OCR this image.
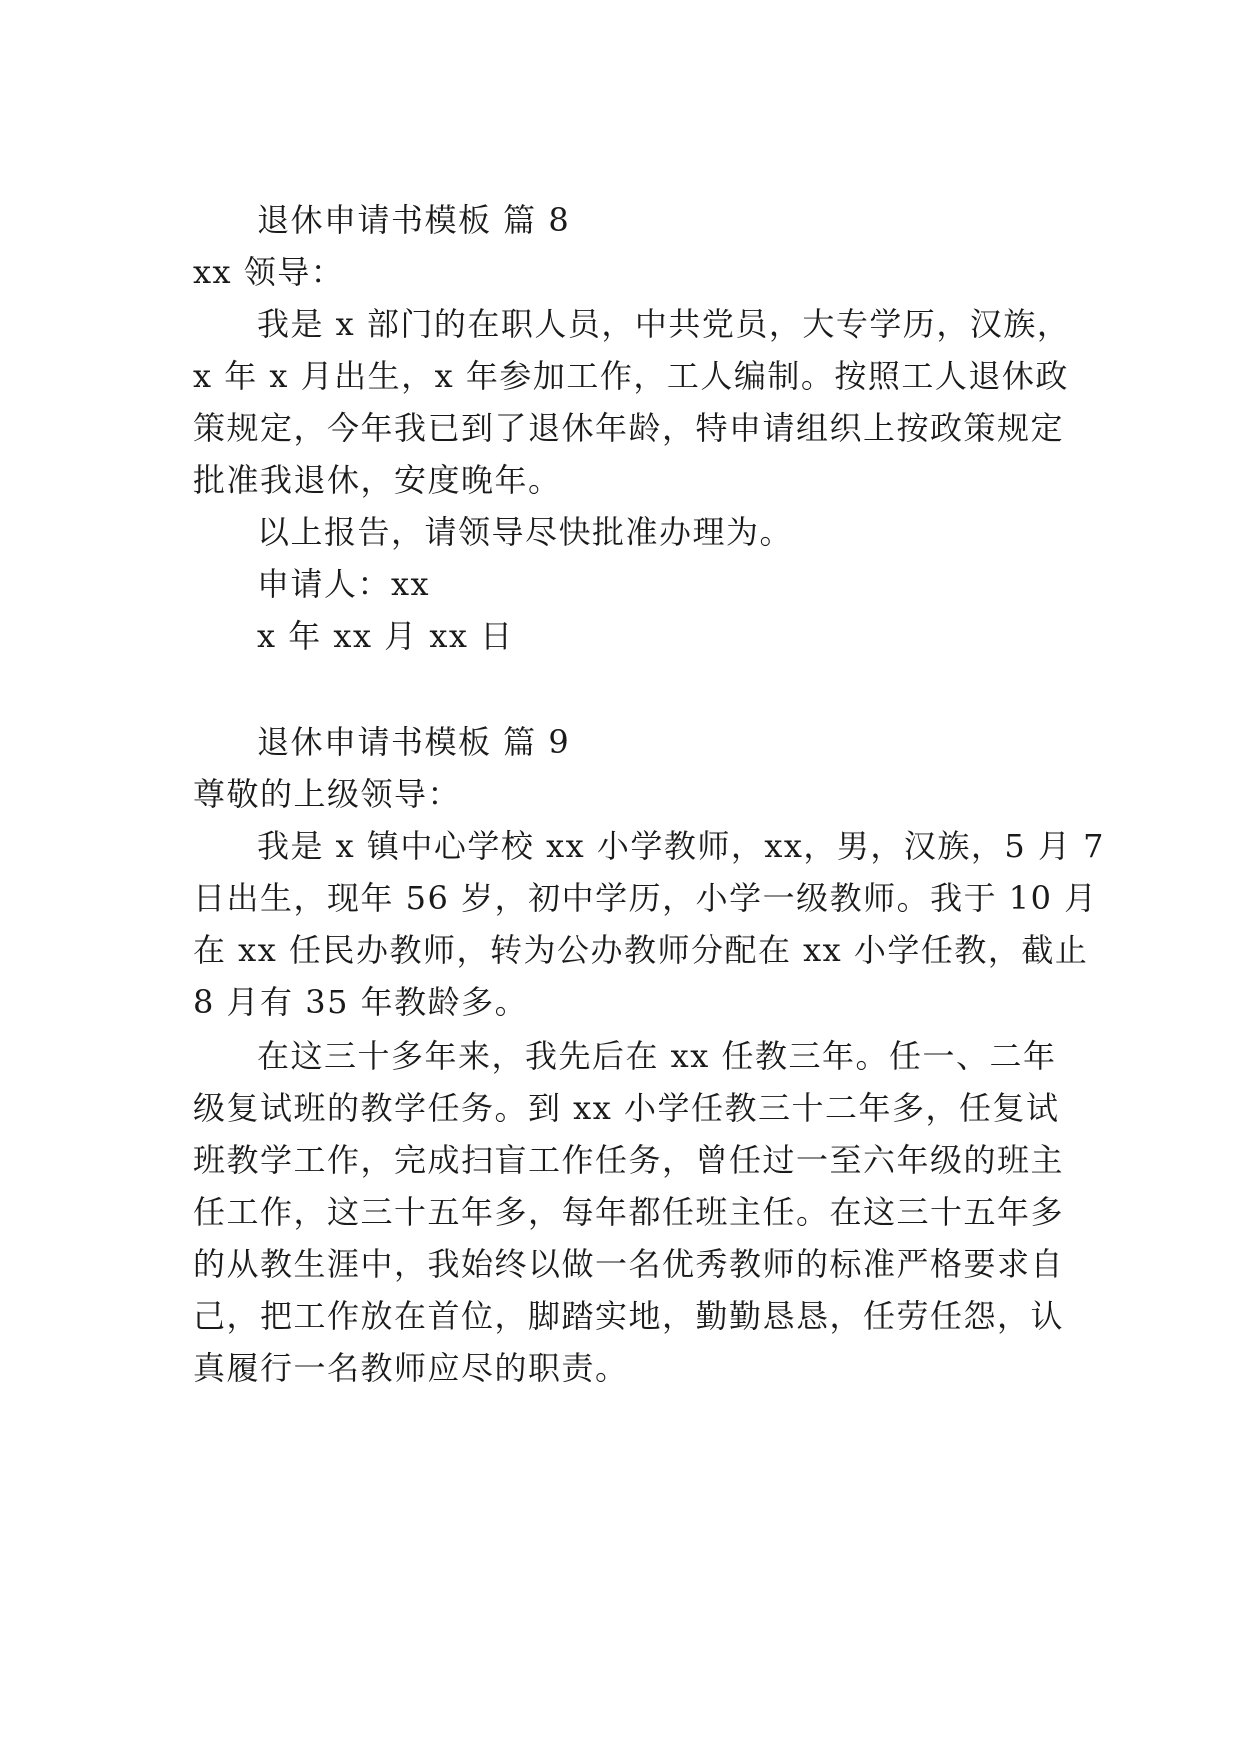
退休申请书模板 篇 8
xx 领导：
我是 x 部门的在职人员，中共党员，大专学历，汉族，
x 年 x 月出生，x 年参加工作，工人编制。按照工人退休政
策规定，今年我已到了退休年龄，特申请组织上按政策规定
批准我退休，安度晚年。
以上报告，请领导尽快批准办理为。
申请人：xx
x 年 xx 月 xx 日
退休申请书模板 篇 9
尊敬的上级领导：
我是 x 镇中心学校 xx 小学教师，xx，男，汉族，5 月 7
日出生，现年 56 岁，初中学历，小学一级教师。我于 10 月
在 xx 任民办教师，转为公办教师分配在 xx 小学任教，截止
8 月有 35 年教龄多。
在这三十多年来，我先后在 xx 任教三年。任一、二年
级复试班的教学任务。到 xx 小学任教三十二年多，任复试
班教学工作，完成扫盲工作任务，曾任过一至六年级的班主
任工作，这三十五年多，每年都任班主任。在这三十五年多
的从教生涯中，我始终以做一名优秀教师的标准严格要求自
己，把工作放在首位，脚踏实地，勤勤恳恳，任劳任怨，认
真履行一名教师应尽的职责。
